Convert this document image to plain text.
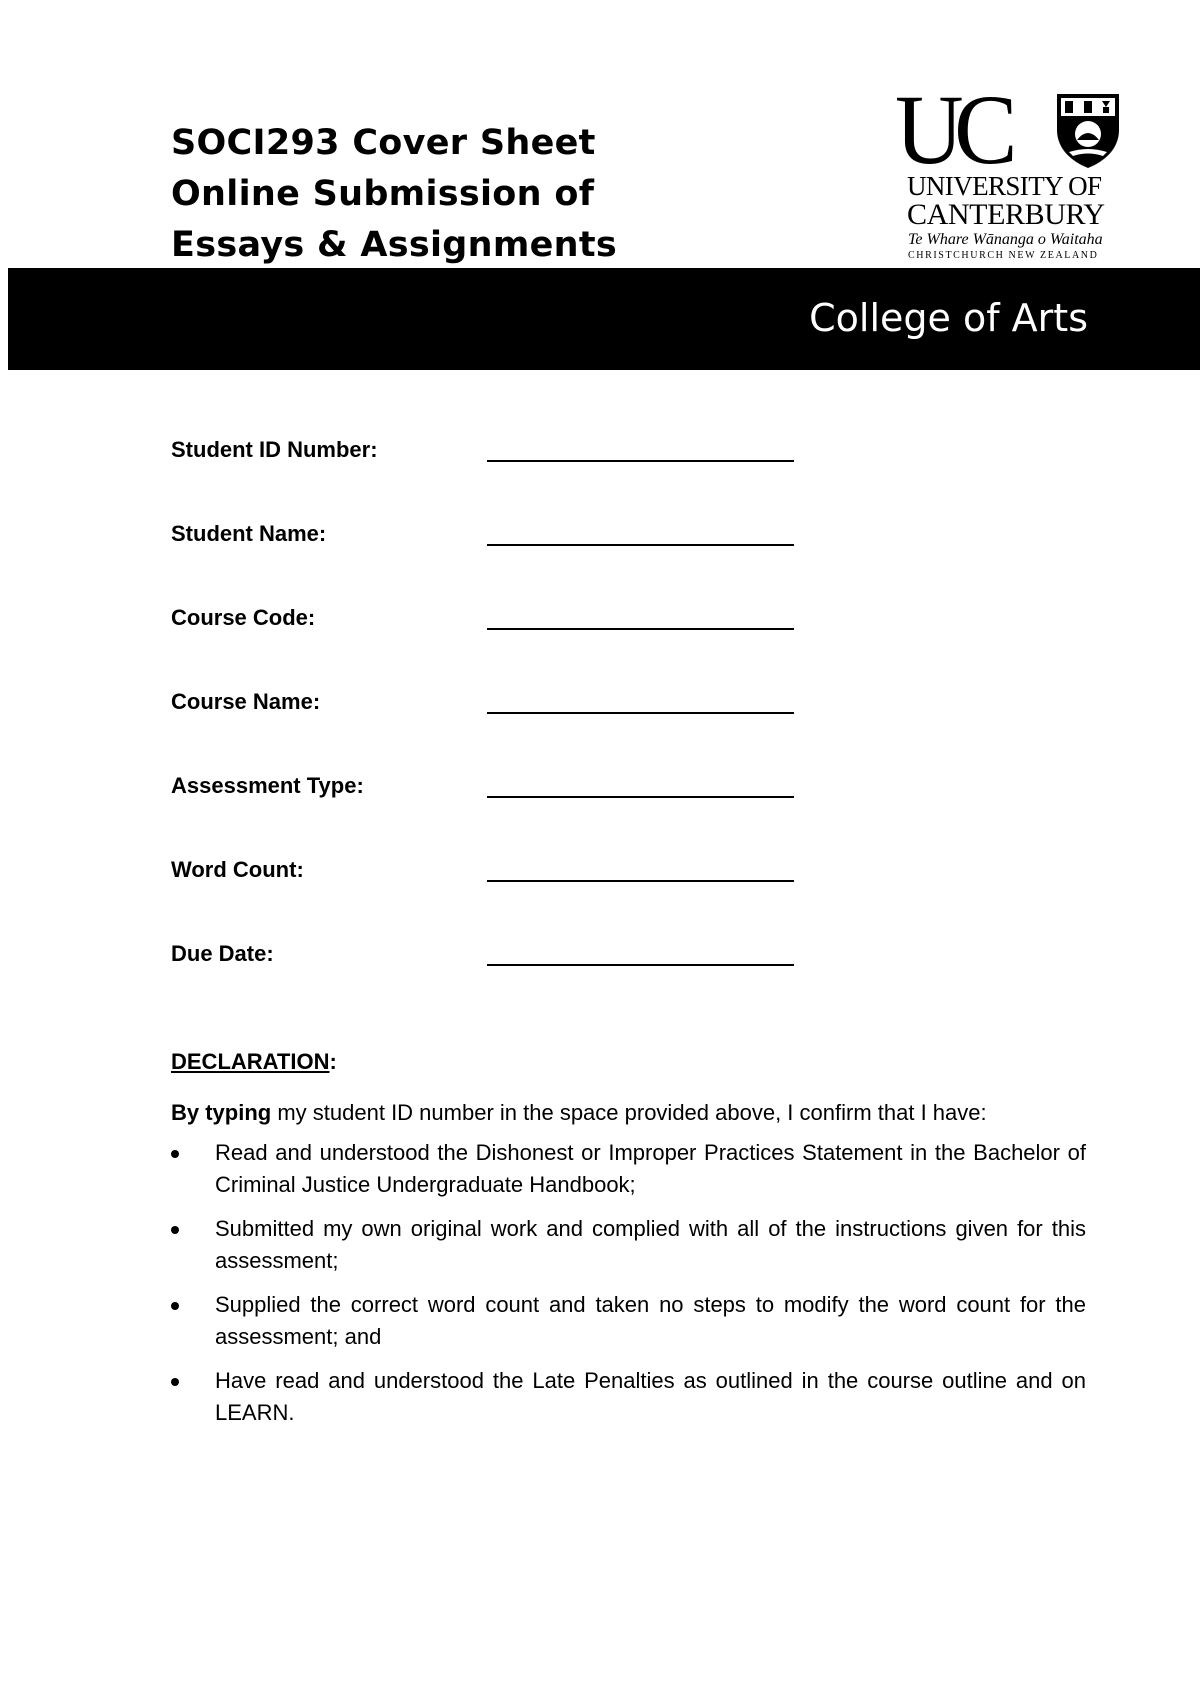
SOCI293 Cover Sheet
Online Submission of
Essays & Assignments
UC
UNIVERSITY OF
CANTERBURY
Te Whare Wānanga o Waitaha
CHRISTCHURCH NEW ZEALAND
College of Arts
Student ID Number:
Student Name:
Course Code:
Course Name:
Assessment Type:
Word Count:
Due Date:

DECLARATION:

By typing my student ID number in the space provided above, I confirm that I have:

Read and understood the Dishonest or Improper Practices Statement in the Bachelor of Criminal Justice Undergraduate Handbook;
Submitted my own original work and complied with all of the instructions given for this assessment;
Supplied the correct word count and taken no steps to modify the word count for the assessment; and
Have read and understood the Late Penalties as outlined in the course outline and on LEARN.
